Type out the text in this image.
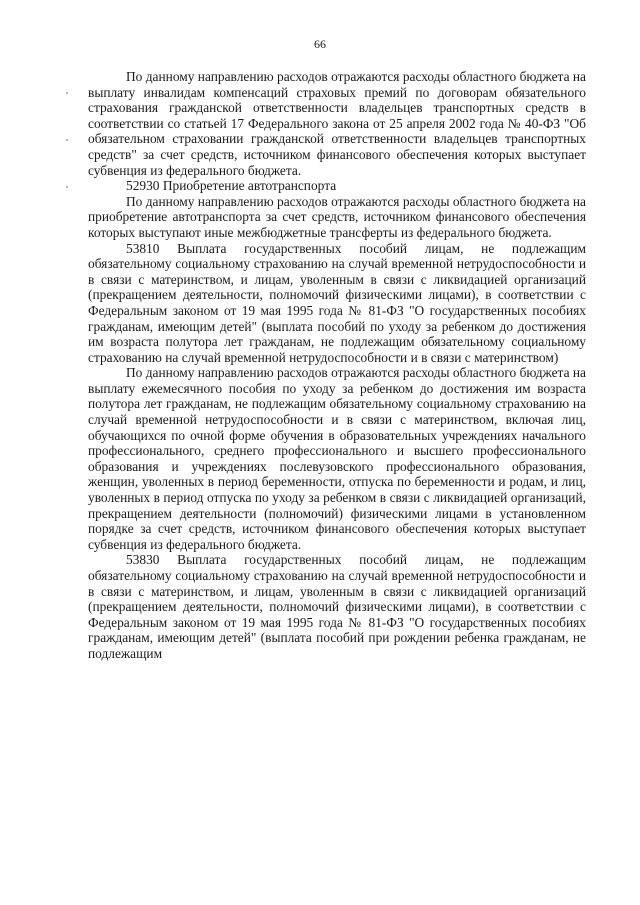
66

По данному направлению расходов отражаются расходы областного бюджета на выплату инвалидам компенсаций страховых премий по договорам обязательного страхования гражданской ответственности владельцев транспортных средств в соответствии со статьей 17 Федерального закона от 25 апреля 2002 года № 40-ФЗ "Об обязательном страховании гражданской ответственности владельцев транспортных средств" за счет средств, источником финансового обеспечения которых выступает субвенция из федерального бюджета.

52930 Приобретение автотранспорта

По данному направлению расходов отражаются расходы областного бюджета на приобретение автотранспорта за счет средств, источником финансового обеспечения которых выступают иные межбюджетные трансферты из федерального бюджета.

53810 Выплата государственных пособий лицам, не подлежащим обязательному социальному страхованию на случай временной нетрудоспособности и в связи с материнством, и лицам, уволенным в связи с ликвидацией организаций (прекращением деятельности, полномочий физическими лицами), в соответствии с Федеральным законом от 19 мая 1995 года № 81-ФЗ "О государственных пособиях гражданам, имеющим детей" (выплата пособий по уходу за ребенком до достижения им возраста полутора лет гражданам, не подлежащим обязательному социальному страхованию на случай временной нетрудоспособности и в связи с материнством)

По данному направлению расходов отражаются расходы областного бюджета на выплату ежемесячного пособия по уходу за ребенком до достижения им возраста полутора лет гражданам, не подлежащим обязательному социальному страхованию на случай временной нетрудоспособности и в связи с материнством, включая лиц, обучающихся по очной форме обучения в образовательных учреждениях начального профессионального, среднего профессионального и высшего профессионального образования и учреждениях послевузовского профессионального образования, женщин, уволенных в период беременности, отпуска по беременности и родам, и лиц, уволенных в период отпуска по уходу за ребенком в связи с ликвидацией организаций, прекращением деятельности (полномочий) физическими лицами в установленном порядке за счет средств, источником финансового обеспечения которых выступает субвенция из федерального бюджета.

53830 Выплата государственных пособий лицам, не подлежащим обязательному социальному страхованию на случай временной нетрудоспособности и в связи с материнством, и лицам, уволенным в связи с ликвидацией организаций (прекращением деятельности, полномочий физическими лицами), в соответствии с Федеральным законом от 19 мая 1995 года № 81-ФЗ "О государственных пособиях гражданам, имеющим детей" (выплата пособий при рождении ребенка гражданам, не подлежащим
